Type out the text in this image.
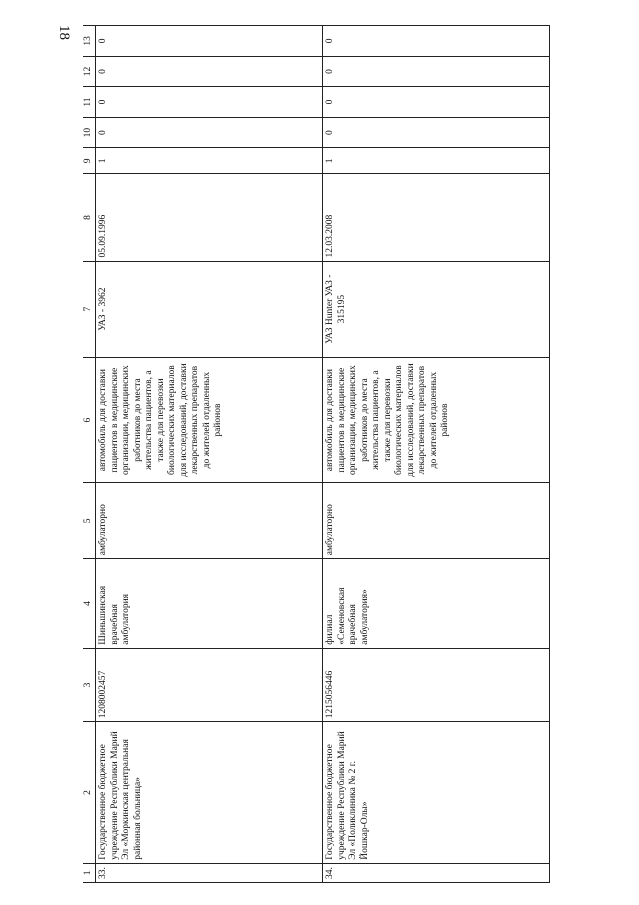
18
1	2	3	4	5	6	7	8	9	10	11	12	13
33.	Государственное бюджетное учреждение Республики Марий Эл «Моркинская центральная районная больница»	1208002457	Шиньшинская врачебная амбулатория	амбулаторно	автомобиль для доставки пациентов в медицинские организации, медицинских работников до места жительства пациентов, а также для перевозки биологических материалов для исследований, доставки лекарственных препаратов до жителей отдаленных районов	УАЗ - 3962	05.09.1996	1	0	0	0	0
34.	Государственное бюджетное учреждение Республики Марий Эл «Поликлиника № 2 г. Йошкар-Олы»	1215056446	филиал «Семеновская врачебная амбулатория»	амбулаторно	автомобиль для доставки пациентов в медицинские организации, медицинских работников до места жительства пациентов, а также для перевозки биологических материалов для исследований, доставки лекарственных препаратов до жителей отдаленных районов	УАЗ Hunter УАЗ - 315195	12.03.2008	1	0	0	0	0
